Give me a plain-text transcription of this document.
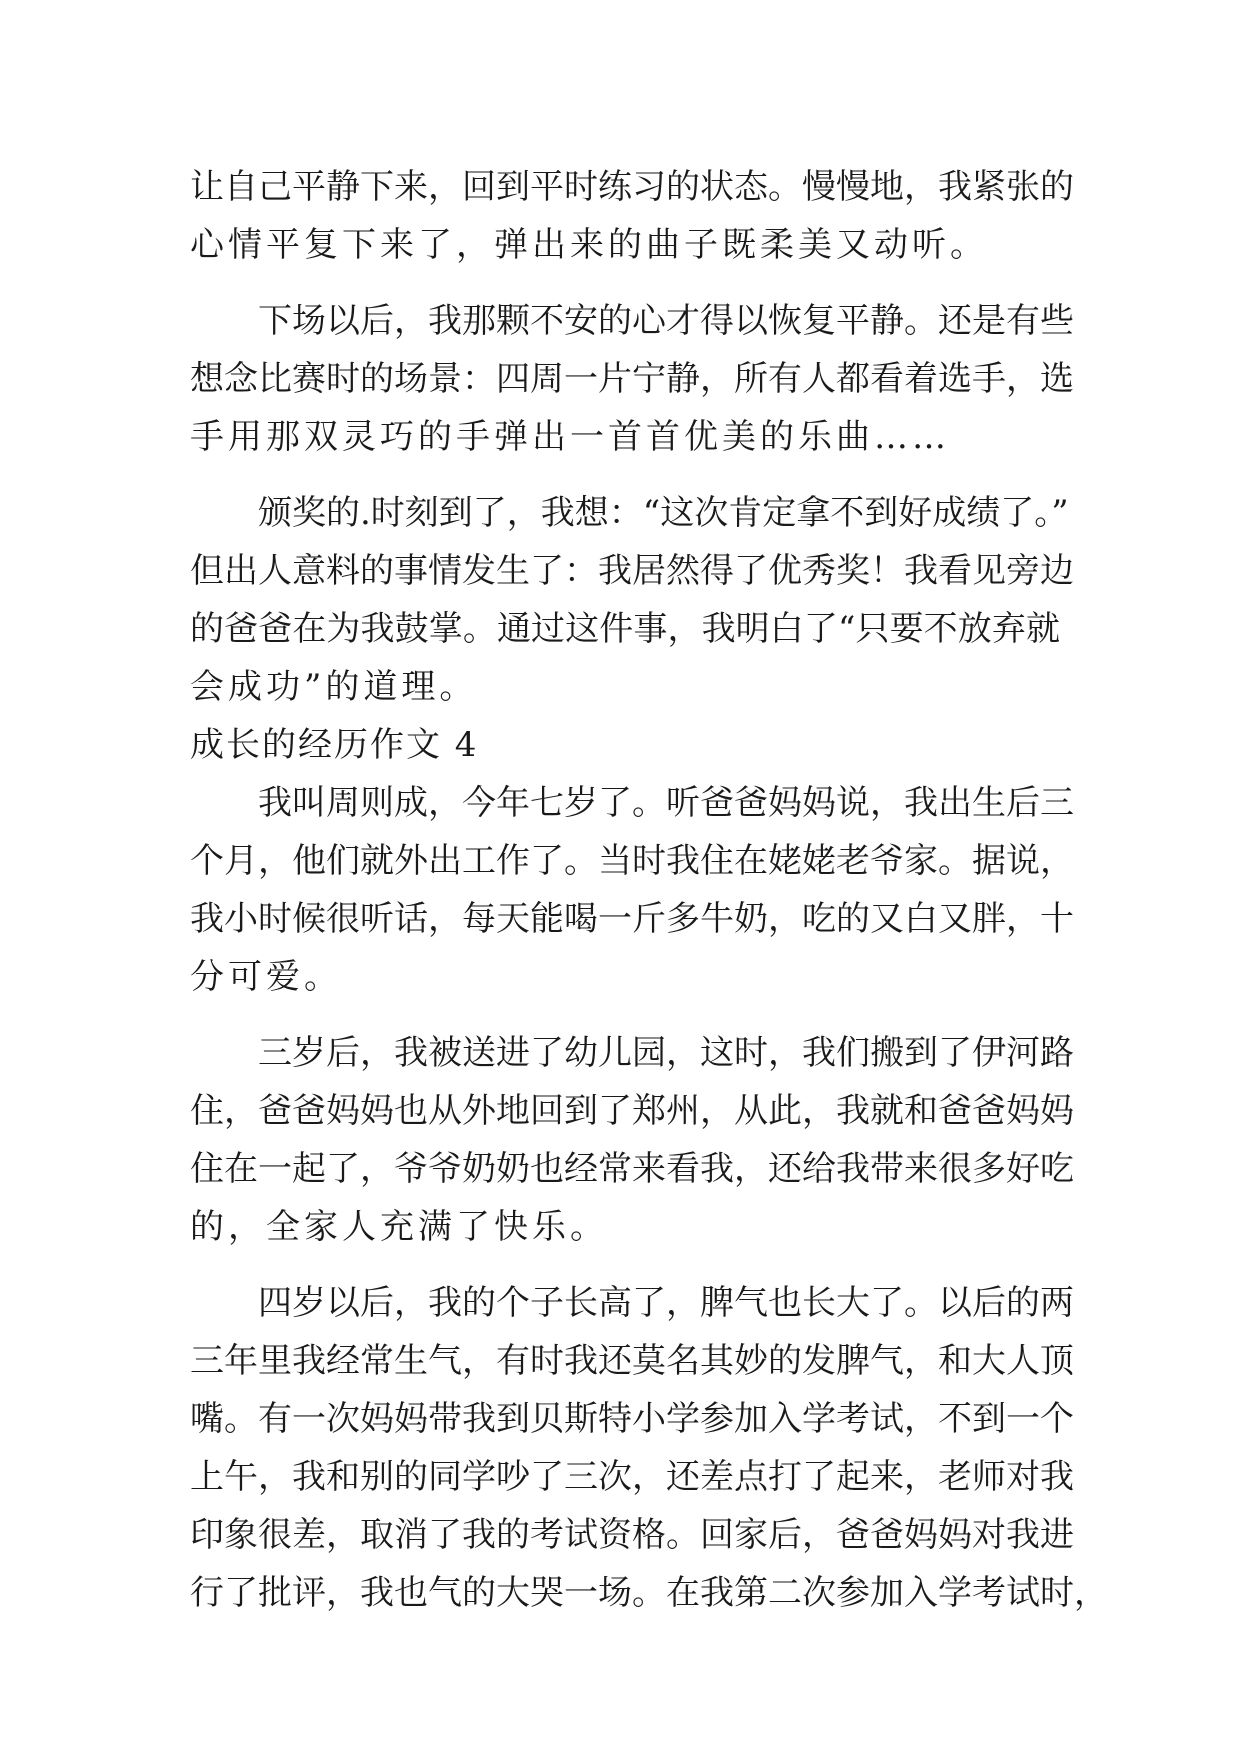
让自己平静下来，回到平时练习的状态。慢慢地，我紧张的
心情平复下来了，弹出来的曲子既柔美又动听。
下场以后，我那颗不安的心才得以恢复平静。还是有些
想念比赛时的场景：四周一片宁静，所有人都看着选手，选
手用那双灵巧的手弹出一首首优美的乐曲……
颁奖的.时刻到了，我想：“这次肯定拿不到好成绩了。”
但出人意料的事情发生了：我居然得了优秀奖！我看见旁边
的爸爸在为我鼓掌。通过这件事，我明白了“只要不放弃就
会成功”的道理。
成长的经历作文 4
我叫周则成，今年七岁了。听爸爸妈妈说，我出生后三
个月，他们就外出工作了。当时我住在姥姥老爷家。据说，
我小时候很听话，每天能喝一斤多牛奶，吃的又白又胖，十
分可爱。
三岁后，我被送进了幼儿园，这时，我们搬到了伊河路
住，爸爸妈妈也从外地回到了郑州，从此，我就和爸爸妈妈
住在一起了，爷爷奶奶也经常来看我，还给我带来很多好吃
的，全家人充满了快乐。
四岁以后，我的个子长高了，脾气也长大了。以后的两
三年里我经常生气，有时我还莫名其妙的发脾气，和大人顶
嘴。有一次妈妈带我到贝斯特小学参加入学考试，不到一个
上午，我和别的同学吵了三次，还差点打了起来，老师对我
印象很差，取消了我的考试资格。回家后，爸爸妈妈对我进
行了批评，我也气的大哭一场。在我第二次参加入学考试时，
